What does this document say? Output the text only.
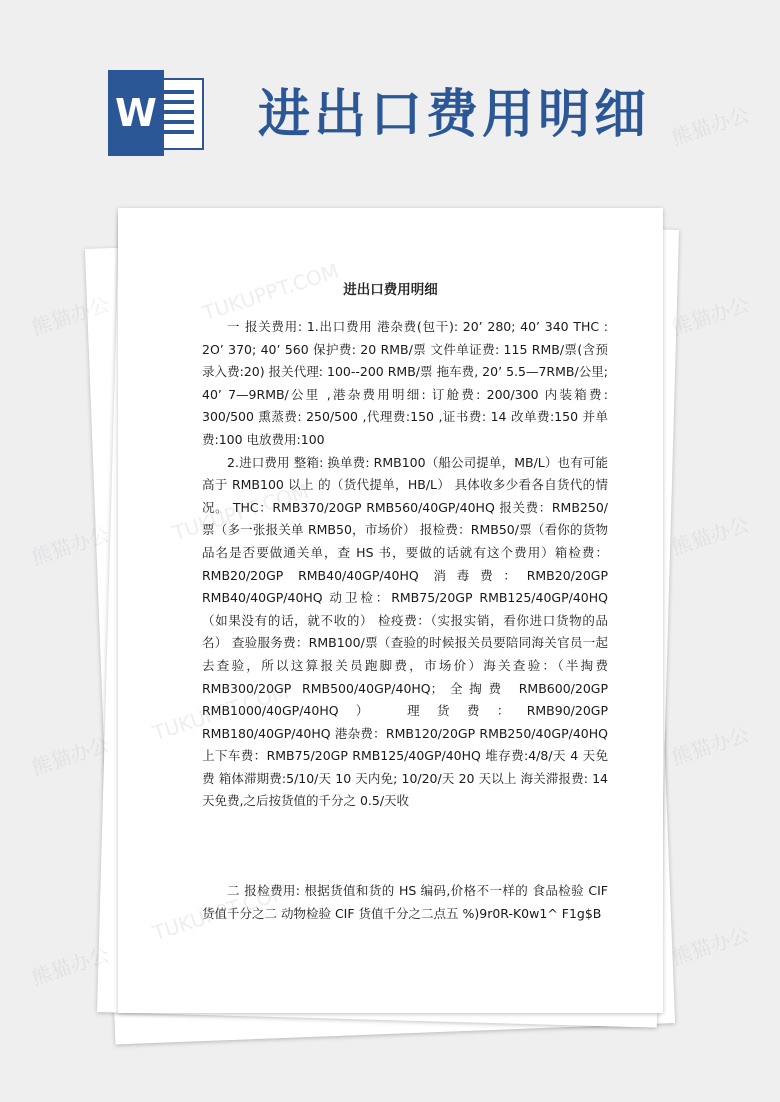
W 进出口费用明细
进出口费用明细

一 报关费用: 1.出口费用 港杂费(包干): 20’ 280; 40’ 340 THC : 2O’ 370; 40’ 560 保护费: 20 RMB/票 文件单证费: 115 RMB/票(含预录入费:20) 报关代理: 100--200 RMB/票 拖车费, 20’ 5.5—7RMB/公里; 40’ 7—9RMB/公里 ,港杂费用明细: 订舱费: 200/300 内装箱费: 300/500 熏蒸费: 250/500 ,代理费:150 ,证书费: 14 改单费:150 并单费:100 电放费用:100

2.进口费用 整箱: 换单费: RMB100（船公司提单，MB/L）也有可能高于 RMB100 以上 的（货代提单，HB/L） 具体收多少看各自货代的情况。 THC：RMB370/20GP RMB560/40GP/40HQ 报关费：RMB250/票（多一张报关单 RMB50，市场价） 报检费：RMB50/票（看你的货物品名是否要做通关单，查 HS 书，要做的话就有这个费用）箱检费：RMB20/20GP RMB40/40GP/40HQ 消毒费：RMB20/20GP RMB40/40GP/40HQ 动卫检：RMB75/20GP RMB125/40GP/40HQ（如果没有的话，就不收的） 检疫费：（实报实销，看你进口货物的品名） 查验服务费：RMB100/票（查验的时候报关员要陪同海关官员一起去查验，所以这算报关员跑脚费，市场价）海关查验：（半掏费 RMB300/20GP RMB500/40GP/40HQ；全掏费 RMB600/20GP RMB1000/40GP/40HQ） 理货费：RMB90/20GP RMB180/40GP/40HQ 港杂费：RMB120/20GP RMB250/40GP/40HQ 上下车费：RMB75/20GP RMB125/40GP/40HQ 堆存费:4/8/天 4 天免费 箱体滞期费:5/10/天 10 天内免; 10/20/天 20 天以上 海关滞报费: 14 天免费,之后按货值的千分之 0.5/天收

二 报检费用: 根据货值和货的 HS 编码,价格不一样的 食品检验 CIF 货值千分之二 动物检验 CIF 货值千分之二点五 %)9r0R-K0w1^ F1g$B

熊猫办公	熊猫办公
熊猫办公	熊猫办公
熊猫办公	熊猫办公
熊猫办公	熊猫办公
熊猫办公
